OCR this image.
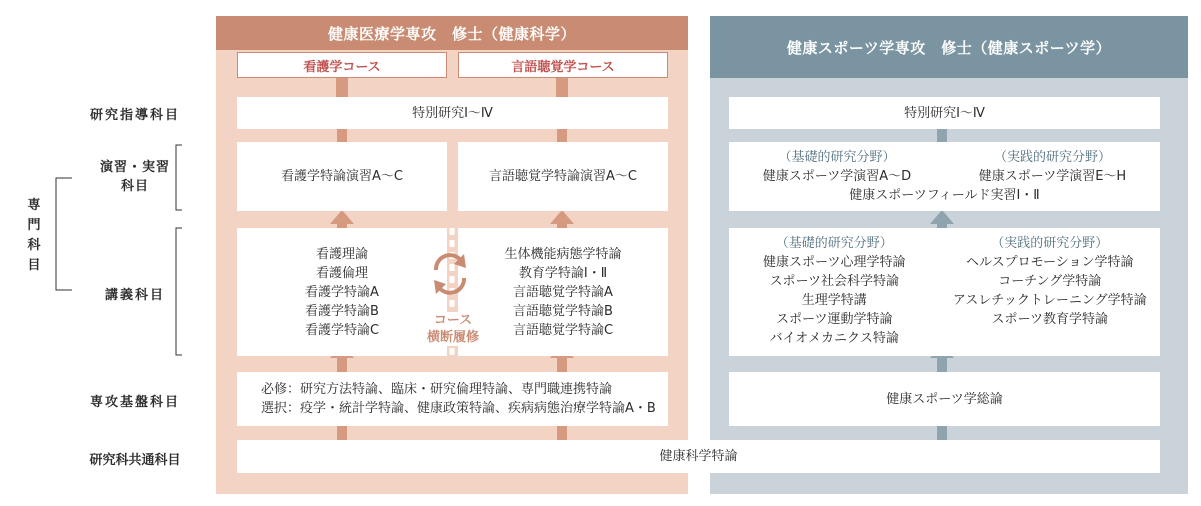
健康医療学専攻　修士（健康科学）
健康スポーツ学専攻　修士（健康スポーツ学）
看護学コース	言語聴覚学コース
特別研究Ⅰ〜Ⅳ
看護学特論演習A〜C	言語聴覚学特論演習A〜C
看護理論
看護倫理
看護学特論A
看護学特論B
看護学特論C
生体機能病態学特論
教育学特論Ⅰ・Ⅱ
言語聴覚学特論A
言語聴覚学特論B
言語聴覚学特論C
コース
横断履修
必修：研究方法特論、臨床・研究倫理特論、専門職連携特論
選択：疫学・統計学特論、健康政策特論、疾病病態治療学特論A・B
特別研究Ⅰ〜Ⅳ
（基礎的研究分野）
健康スポーツ学演習A〜D
（実践的研究分野）
健康スポーツ学演習E〜H
健康スポーツフィールド実習Ⅰ・Ⅱ
（基礎的研究分野）
健康スポーツ心理学特論
スポーツ社会科学特論
生理学特講
スポーツ運動学特論
バイオメカニクス特論
（実践的研究分野）
ヘルスプロモーション学特論
コーチング学特論
アスレチックトレーニング学特論
スポーツ教育学特論
健康スポーツ学総論
健康科学特論
研究指導科目
演習・実習
科目
講義科目
専攻基盤科目
研究科共通科目
専
門
科
目
